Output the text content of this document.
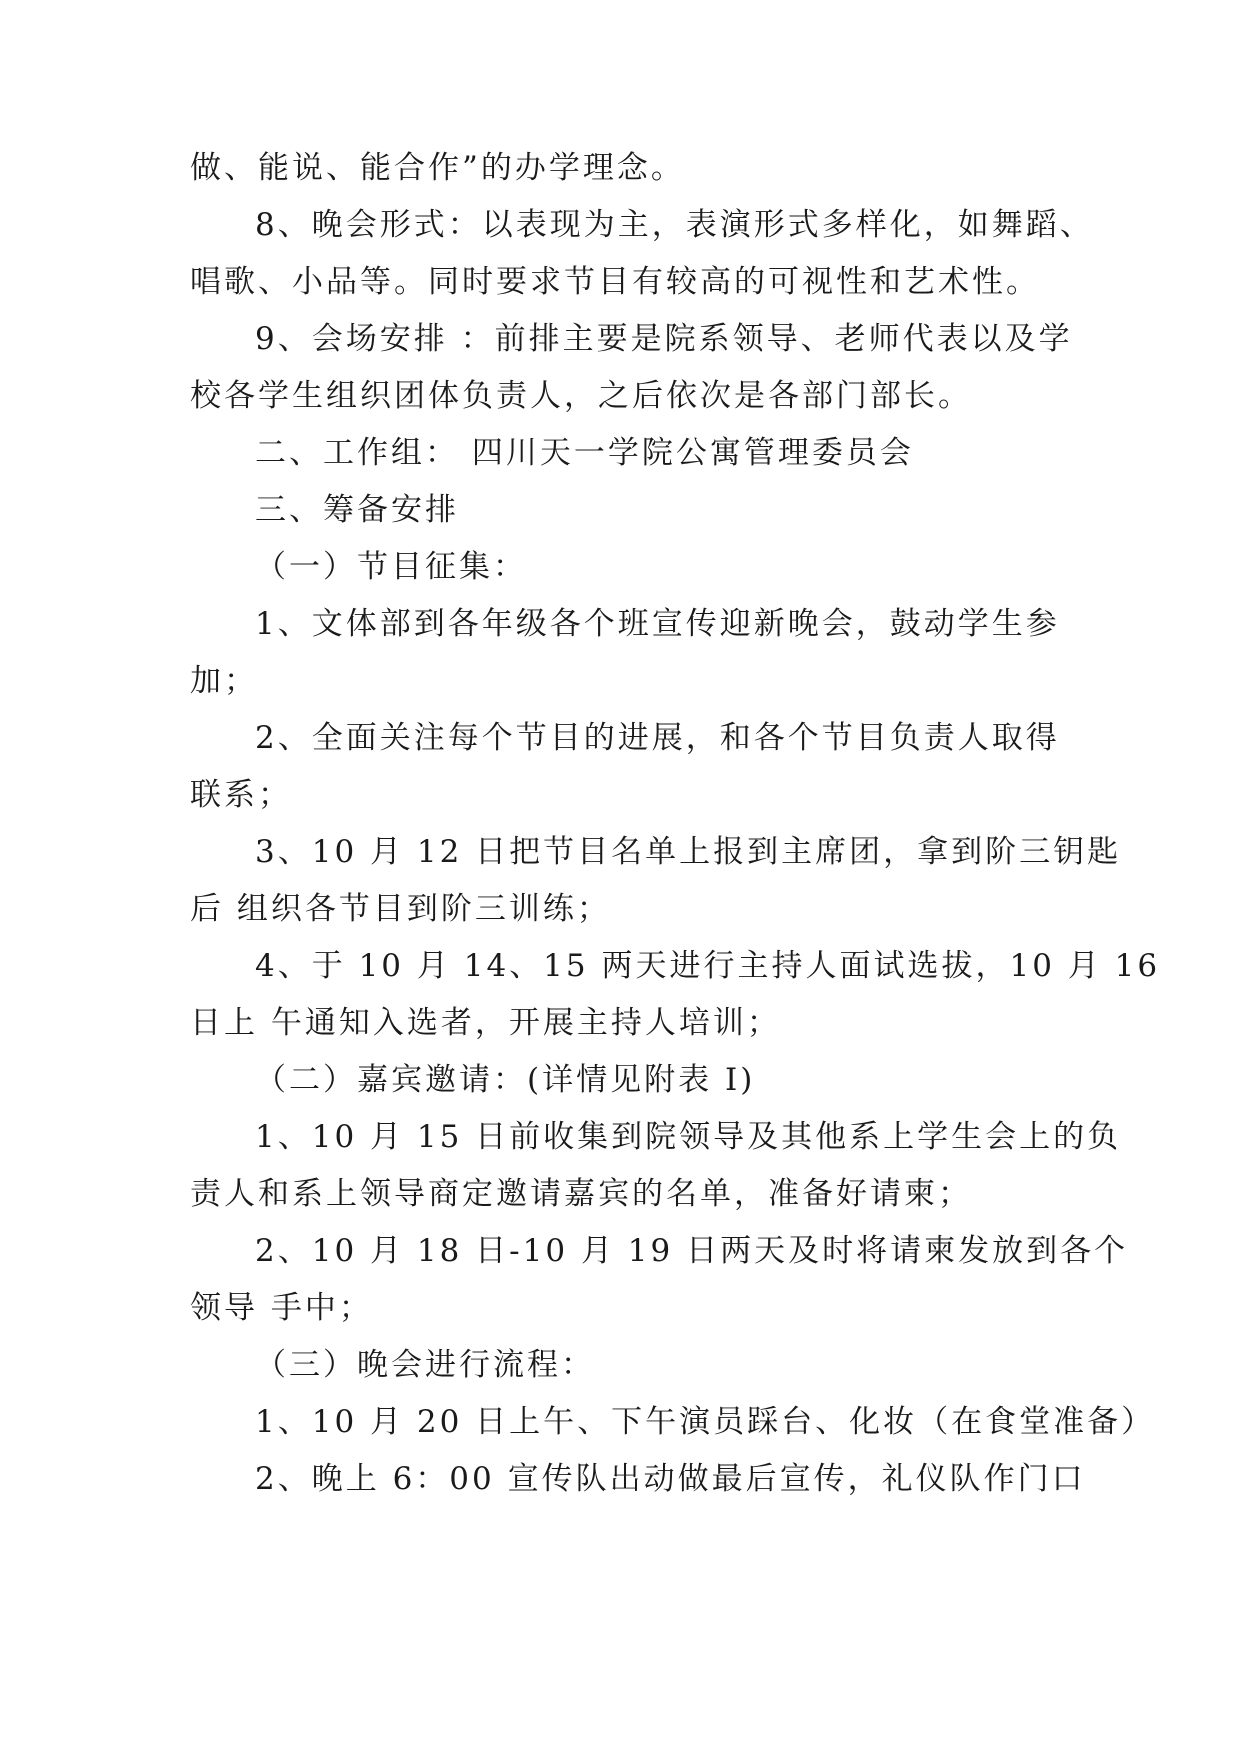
做、能说、能合作”的办学理念。
8、晚会形式：以表现为主，表演形式多样化，如舞蹈、
唱歌、小品等。同时要求节目有较高的可视性和艺术性。
9、会场安排 ：前排主要是院系领导、老师代表以及学
校各学生组织团体负责人，之后依次是各部门部长。
二、工作组： 四川天一学院公寓管理委员会
三、筹备安排
（一）节目征集：
1、文体部到各年级各个班宣传迎新晚会，鼓动学生参
加；
2、全面关注每个节目的进展，和各个节目负责人取得
联系；
3、10 月 12 日把节目名单上报到主席团，拿到阶三钥匙
后 组织各节目到阶三训练；
4、于 10 月 14、15 两天进行主持人面试选拔，10 月 16
日上 午通知入选者，开展主持人培训；
（二）嘉宾邀请：(详情见附表 I)
1、10 月 15 日前收集到院领导及其他系上学生会上的负
责人和系上领导商定邀请嘉宾的名单，准备好请柬；
2、10 月 18 日-10 月 19 日两天及时将请柬发放到各个
领导 手中；
（三）晚会进行流程：
1、10 月 20 日上午、下午演员踩台、化妆（在食堂准备）
2、晚上 6：00 宣传队出动做最后宣传，礼仪队作门口
